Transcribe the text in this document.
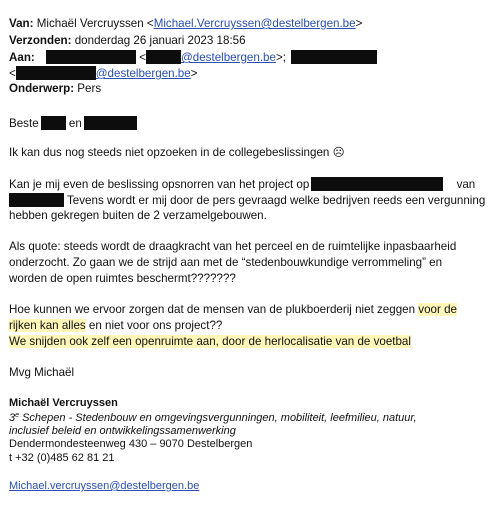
Van: Michaël Vercruyssen <Michael.Vercruyssen@destelbergen.be>
Verzonden: donderdag 26 januari 2023 18:56
Aan:	<	@destelbergen.be>;
<	@destelbergen.be>
Onderwerp: Pers
Beste	en
Ik kan dus nog steeds niet opzoeken in de collegebeslissingen ☹
Kan je mij even de beslissing opsnorren van het project op	van
Tevens wordt er mij door de pers gevraagd welke bedrijven reeds een vergunning
hebben gekregen buiten de 2 verzamelgebouwen.
Als quote: steeds wordt de draagkracht van het perceel en de ruimtelijke inpasbaarheid
onderzocht. Zo gaan we de strijd aan met de “stedenbouwkundige verrommeling” en
worden de open ruimtes beschermt???????
Hoe kunnen we ervoor zorgen dat de mensen van de plukboerderij niet zeggen voor de
rijken kan alles en niet voor ons project??
We snijden ook zelf een openruimte aan, door de herlocalisatie van de voetbal
Mvg Michaël
Michaël Vercruyssen
3e Schepen - Stedenbouw en omgevingsvergunningen, mobiliteit, leefmilieu, natuur,
inclusief beleid en ontwikkelingssamenwerking
Dendermondesteenweg 430 – 9070 Destelbergen
t +32 (0)485 62 81 21
Michael.vercruyssen@destelbergen.be
